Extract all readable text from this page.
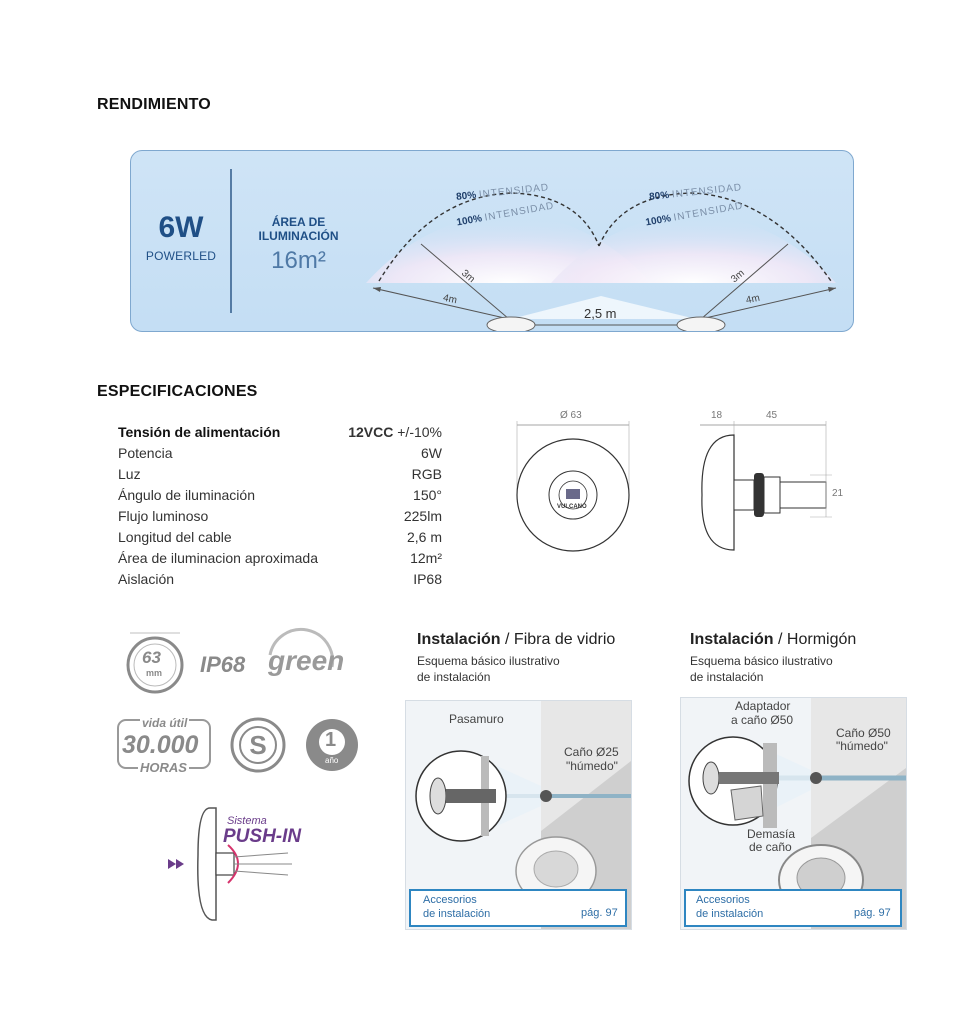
RENDIMIENTO
6W
POWERLED
ÁREA DE
ILUMINACIÓN
16m²
80% INTENSIDAD
100% INTENSIDAD
80% INTENSIDAD
100% INTENSIDAD
3m
4m
3m
4m
2,5 m
ESPECIFICACIONES
Tensión de alimentación	12VCC +/-10%
Potencia	6W
Luz	RGB
Ángulo de iluminación	150°
Flujo luminoso	225lm
Longitud del cable	2,6 m
Área de iluminacion aproximada	12m²
Aislación	IP68
Ø 63
VULCANO
18	45
21
S
63
mm IP68 green
vida útil
30.000
HORAS
1
año
Sistema
PUSH-IN
Instalación / Fibra de vidrio
Esquema básico ilustrativo
de instalación
Pasamuro
Caño Ø25
"húmedo"
Accesorios
de instalación	pág. 97
Instalación / Hormigón
Esquema básico ilustrativo
de instalación
Adaptador
a caño Ø50
Caño Ø50
"húmedo"
Demasía
de caño
Accesorios
de instalación	pág. 97
